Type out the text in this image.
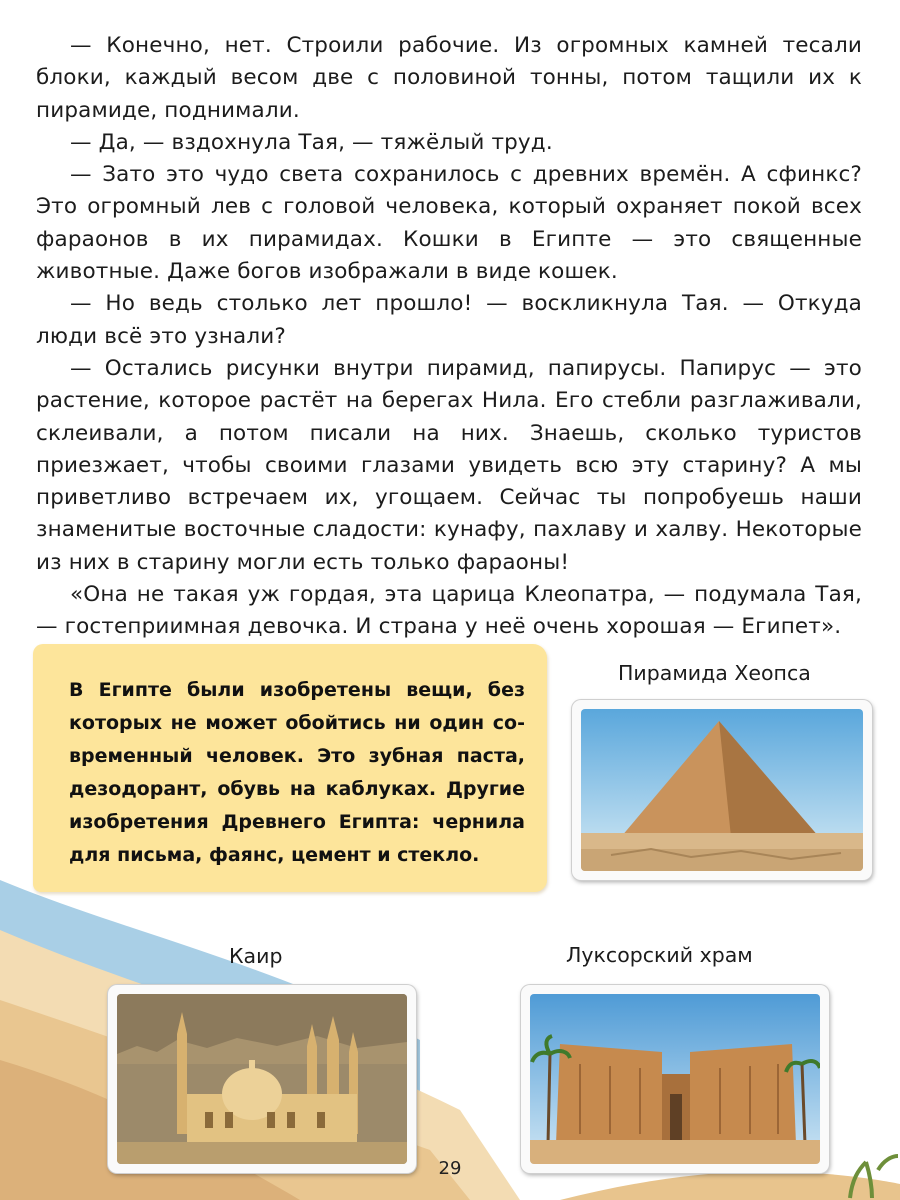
— Конечно, нет. Строили рабочие. Из огромных камней тесали блоки, каждый весом две с половиной тонны, потом тащили их к пирамиде, поднимали.

— Да, — вздохнула Тая, — тяжёлый труд.

— Зато это чудо света сохранилось с древних времён. А сфинкс? Это огромный лев с головой человека, который охраняет покой всех фараонов в их пирамидах. Кошки в Египте — это священные животные. Даже богов изображали в виде кошек.

— Но ведь столько лет прошло! — воскликнула Тая. — Откуда люди всё это узнали?

— Остались рисунки внутри пирамид, папирусы. Папирус — это растение, которое растёт на берегах Нила. Его стебли разглаживали, склеивали, а потом писали на них. Знаешь, сколько туристов приезжает, чтобы своими глазами увидеть всю эту старину? А мы приветливо встречаем их, угощаем. Сейчас ты попробуешь наши знаменитые восточные сладости: кунафу, пахлаву и халву. Некоторые из них в старину могли есть только фараоны!

«Она не такая уж гордая, эта царица Клеопатра, — подумала Тая, — гостеприимная девочка. И страна у неё очень хорошая — Египет».

В Египте были изобретены вещи, без которых не может обойтись ни один современный человек. Это зубная паста, дезодорант, обувь на каблуках. Другие изобретения Древнего Египта: чернила для письма, фаянс, цемент и стекло.
Пирамида Хеопса
Каир	Луксорский храм
29
